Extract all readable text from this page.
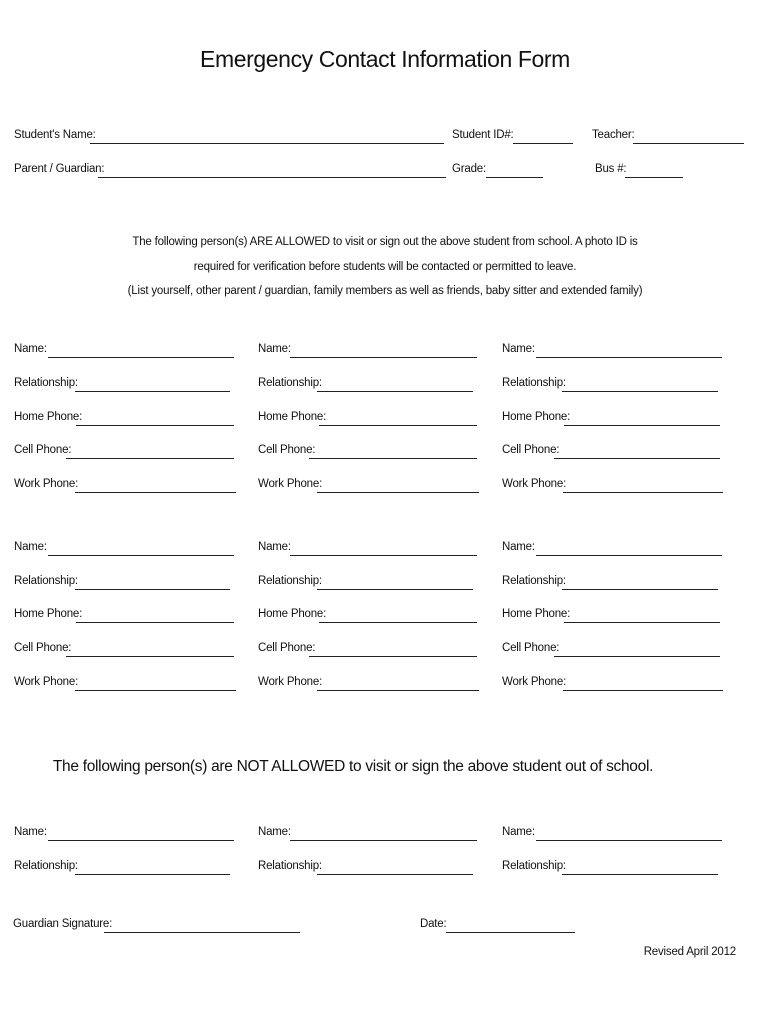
Emergency Contact Information Form
Student's Name:	Student ID#:	Teacher:
Parent / Guardian:	Grade:	Bus #:
The following person(s) ARE ALLOWED to visit or sign out the above student from school. A photo ID is
required for verification before students will be contacted or permitted to leave.
(List yourself, other parent / guardian, family members as well as friends, baby sitter and extended family)
Name:
Relationship:
Home Phone:
Cell Phone:
Work Phone:
Name:
Relationship:
Home Phone:
Cell Phone:
Work Phone:
Name:
Relationship:
Home Phone:
Cell Phone:
Work Phone:
Name:
Relationship:
Home Phone:
Cell Phone:
Work Phone:
Name:
Relationship:
Home Phone:
Cell Phone:
Work Phone:
Name:
Relationship:
Home Phone:
Cell Phone:
Work Phone:
The following person(s) are NOT ALLOWED to visit or sign the above student out of school.
Name:
Relationship:
Name:
Relationship:
Name:
Relationship:
Guardian Signature:	Date:
Revised April 2012
